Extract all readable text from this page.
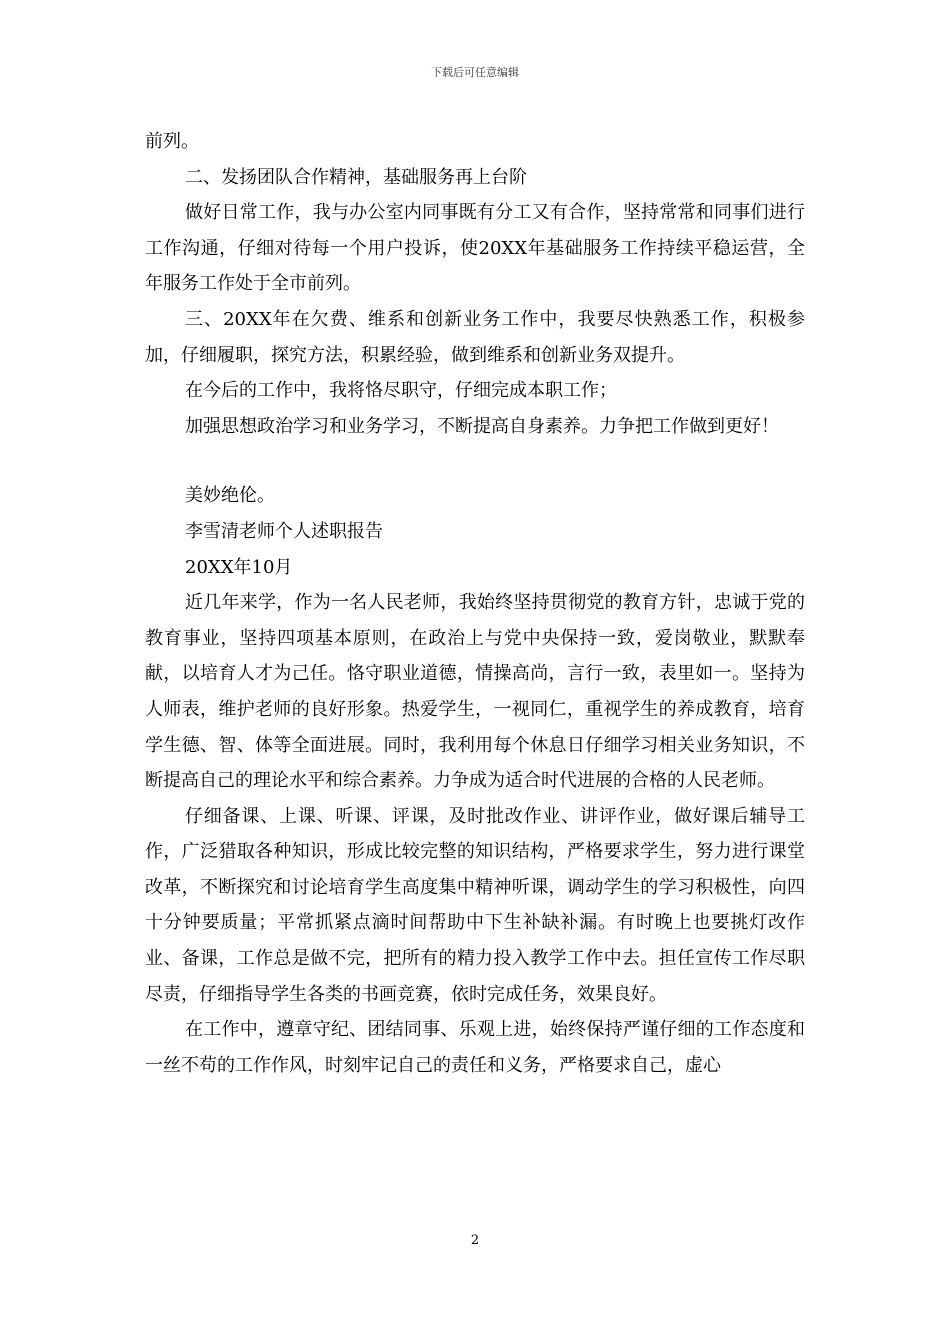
下载后可任意编辑

前列。

二、发扬团队合作精神，基础服务再上台阶

做好日常工作，我与办公室内同事既有分工又有合作，坚持常常和同事们进行工作沟通，仔细对待每一个用户投诉，使20XX年基础服务工作持续平稳运营，全年服务工作处于全市前列。

三、20XX年在欠费、维系和创新业务工作中，我要尽快熟悉工作，积极参加，仔细履职，探究方法，积累经验，做到维系和创新业务双提升。

在今后的工作中，我将恪尽职守，仔细完成本职工作；

加强思想政治学习和业务学习，不断提高自身素养。力争把工作做到更好！

美妙绝伦。

李雪清老师个人述职报告

20XX年10月

近几年来学，作为一名人民老师，我始终坚持贯彻党的教育方针，忠诚于党的教育事业，坚持四项基本原则，在政治上与党中央保持一致，爱岗敬业，默默奉献，以培育人才为己任。恪守职业道德，情操高尚，言行一致，表里如一。坚持为人师表，维护老师的良好形象。热爱学生，一视同仁，重视学生的养成教育，培育学生德、智、体等全面进展。同时，我利用每个休息日仔细学习相关业务知识，不断提高自己的理论水平和综合素养。力争成为适合时代进展的合格的人民老师。

仔细备课、上课、听课、评课，及时批改作业、讲评作业，做好课后辅导工作，广泛猎取各种知识，形成比较完整的知识结构，严格要求学生，努力进行课堂改革，不断探究和讨论培育学生高度集中精神听课，调动学生的学习积极性，向四十分钟要质量；平常抓紧点滴时间帮助中下生补缺补漏。有时晚上也要挑灯改作业、备课，工作总是做不完，把所有的精力投入教学工作中去。担任宣传工作尽职尽责，仔细指导学生各类的书画竞赛，依时完成任务，效果良好。

在工作中，遵章守纪、团结同事、乐观上进，始终保持严谨仔细的工作态度和一丝不苟的工作作风，时刻牢记自己的责任和义务，严格要求自己，虚心

2
